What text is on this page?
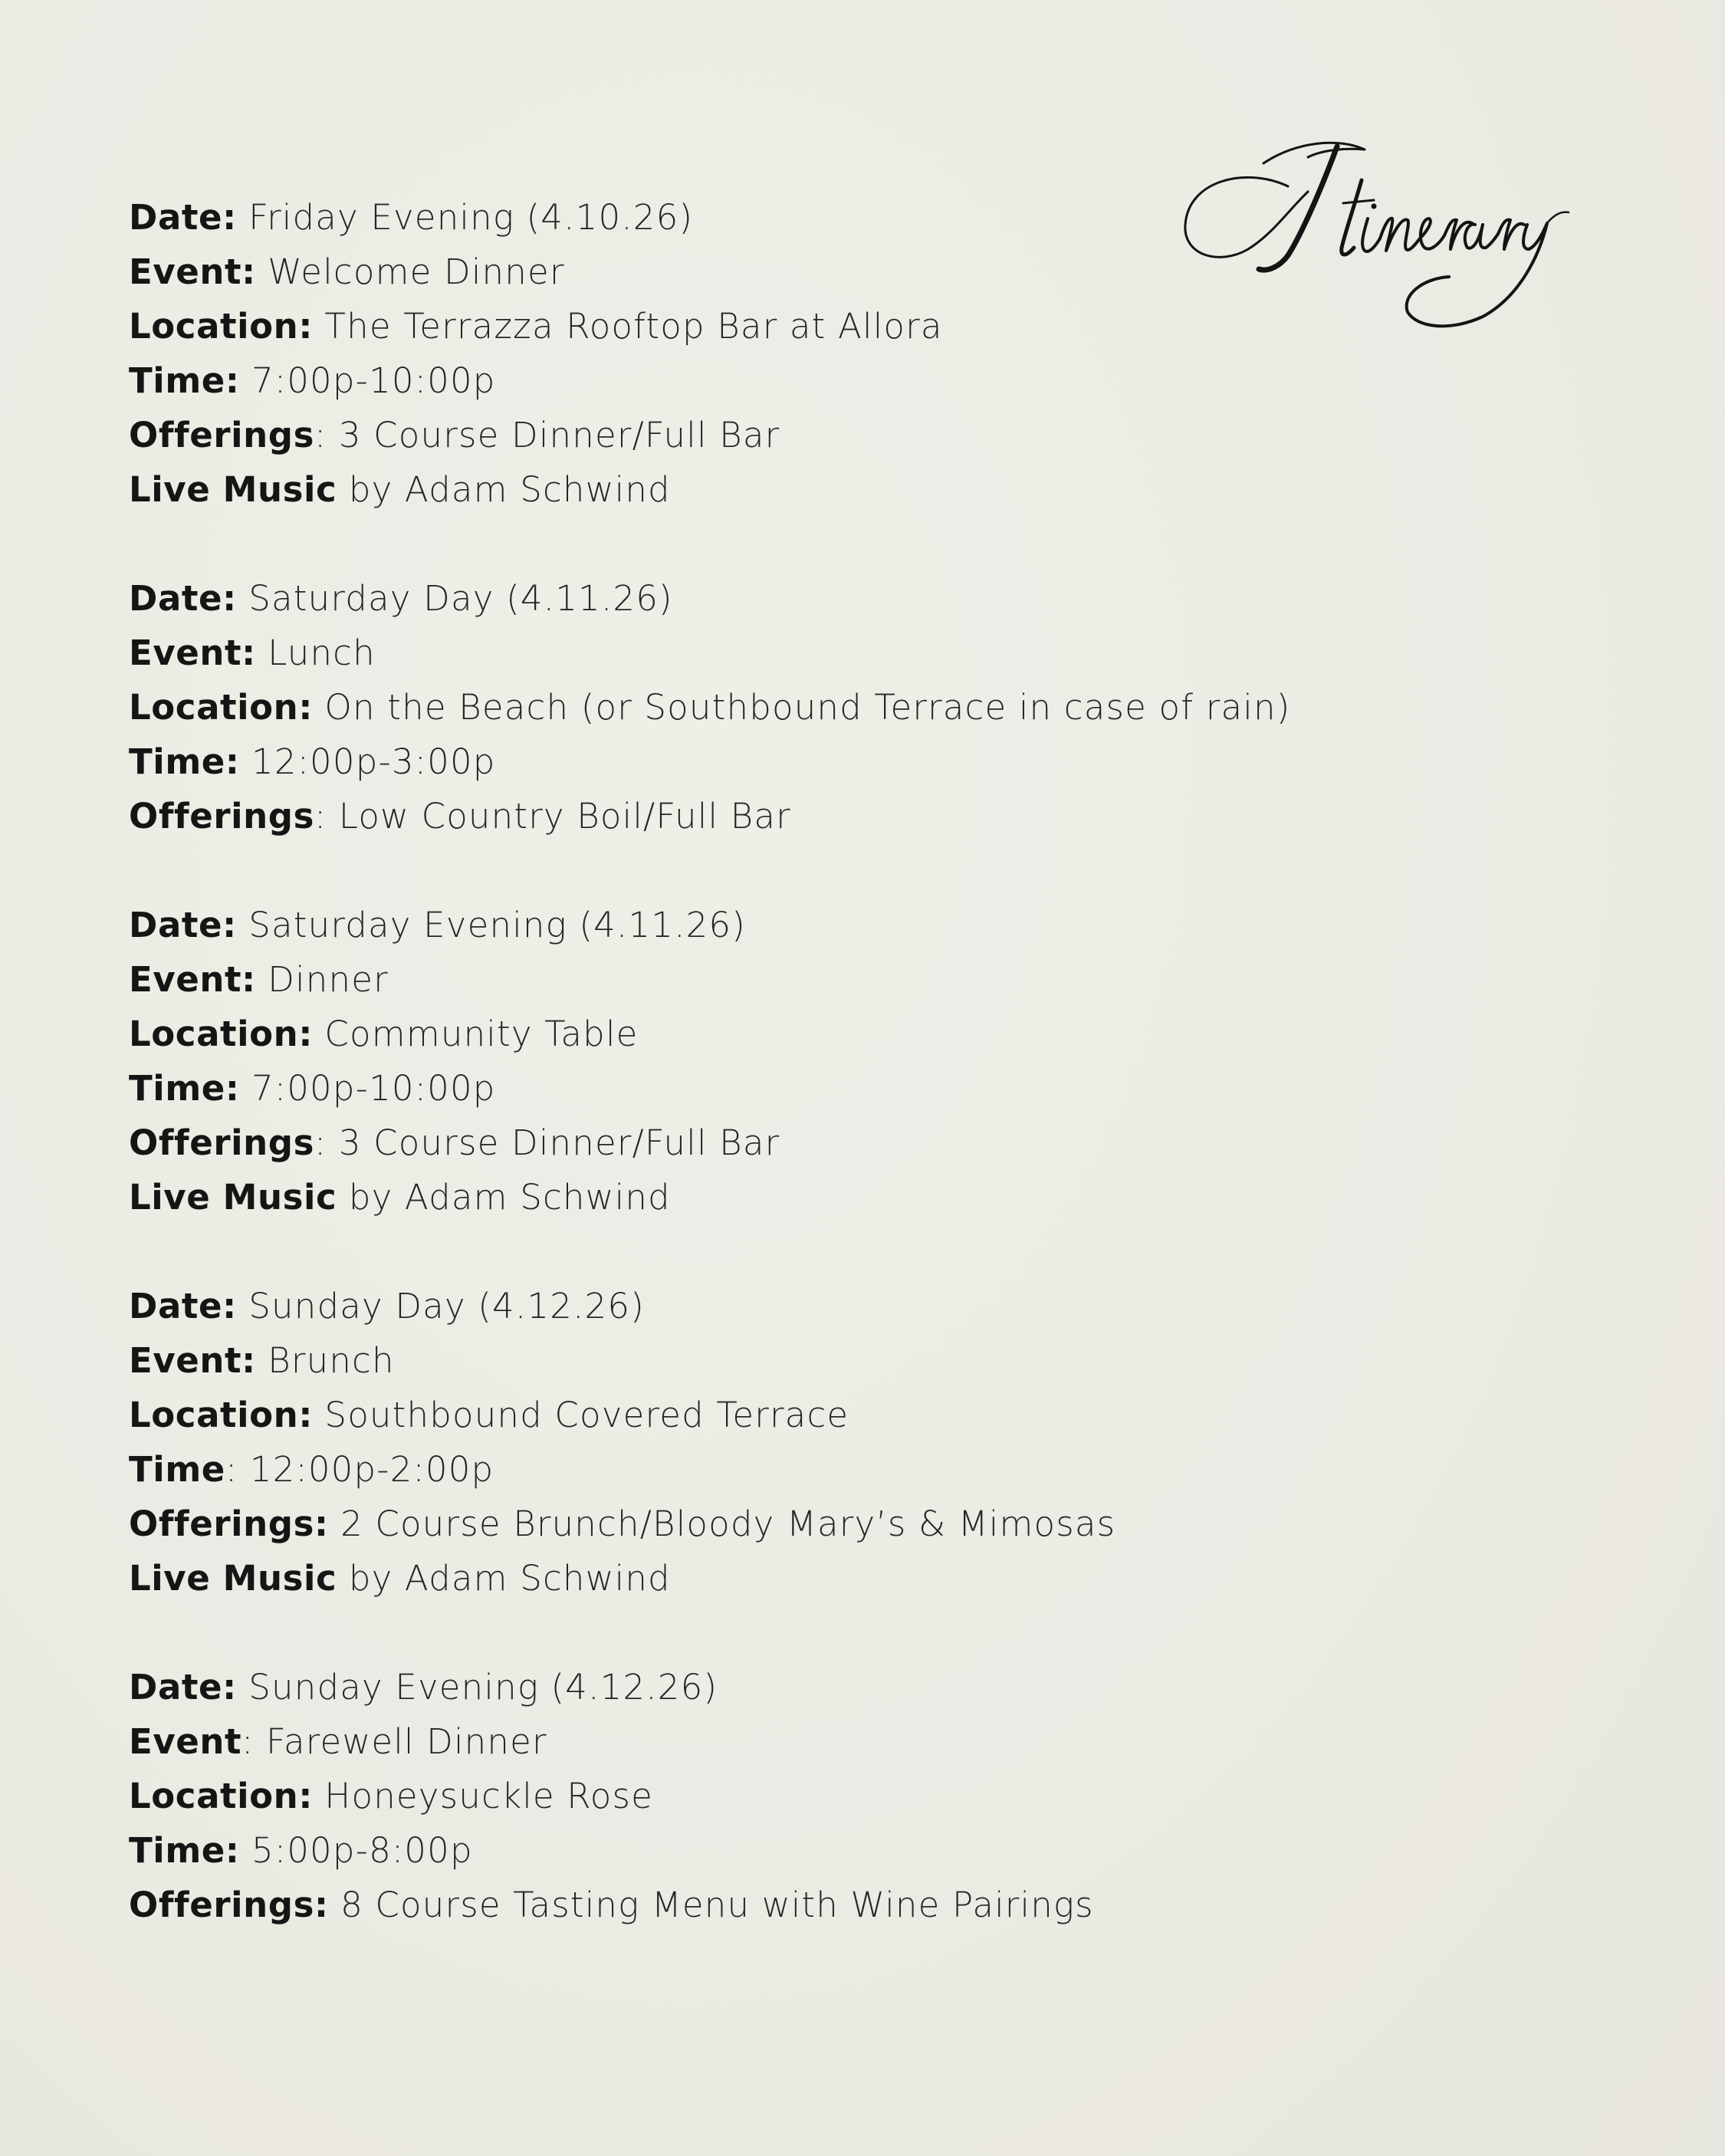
Date: Friday Evening (4.10.26)
Event: Welcome Dinner
Location: The Terrazza Rooftop Bar at Allora
Time: 7:00p-10:00p
Offerings: 3 Course Dinner/Full Bar
Live Music by Adam Schwind
Date: Saturday Day (4.11.26)
Event: Lunch
Location: On the Beach (or Southbound Terrace in case of rain)
Time: 12:00p-3:00p
Offerings: Low Country Boil/Full Bar
Date: Saturday Evening (4.11.26)
Event: Dinner
Location: Community Table
Time: 7:00p-10:00p
Offerings: 3 Course Dinner/Full Bar
Live Music by Adam Schwind
Date: Sunday Day (4.12.26)
Event: Brunch
Location: Southbound Covered Terrace
Time: 12:00p-2:00p
Offerings: 2 Course Brunch/Bloody Mary’s & Mimosas
Live Music by Adam Schwind
Date: Sunday Evening (4.12.26)
Event: Farewell Dinner
Location: Honeysuckle Rose
Time: 5:00p-8:00p
Offerings: 8 Course Tasting Menu with Wine Pairings
